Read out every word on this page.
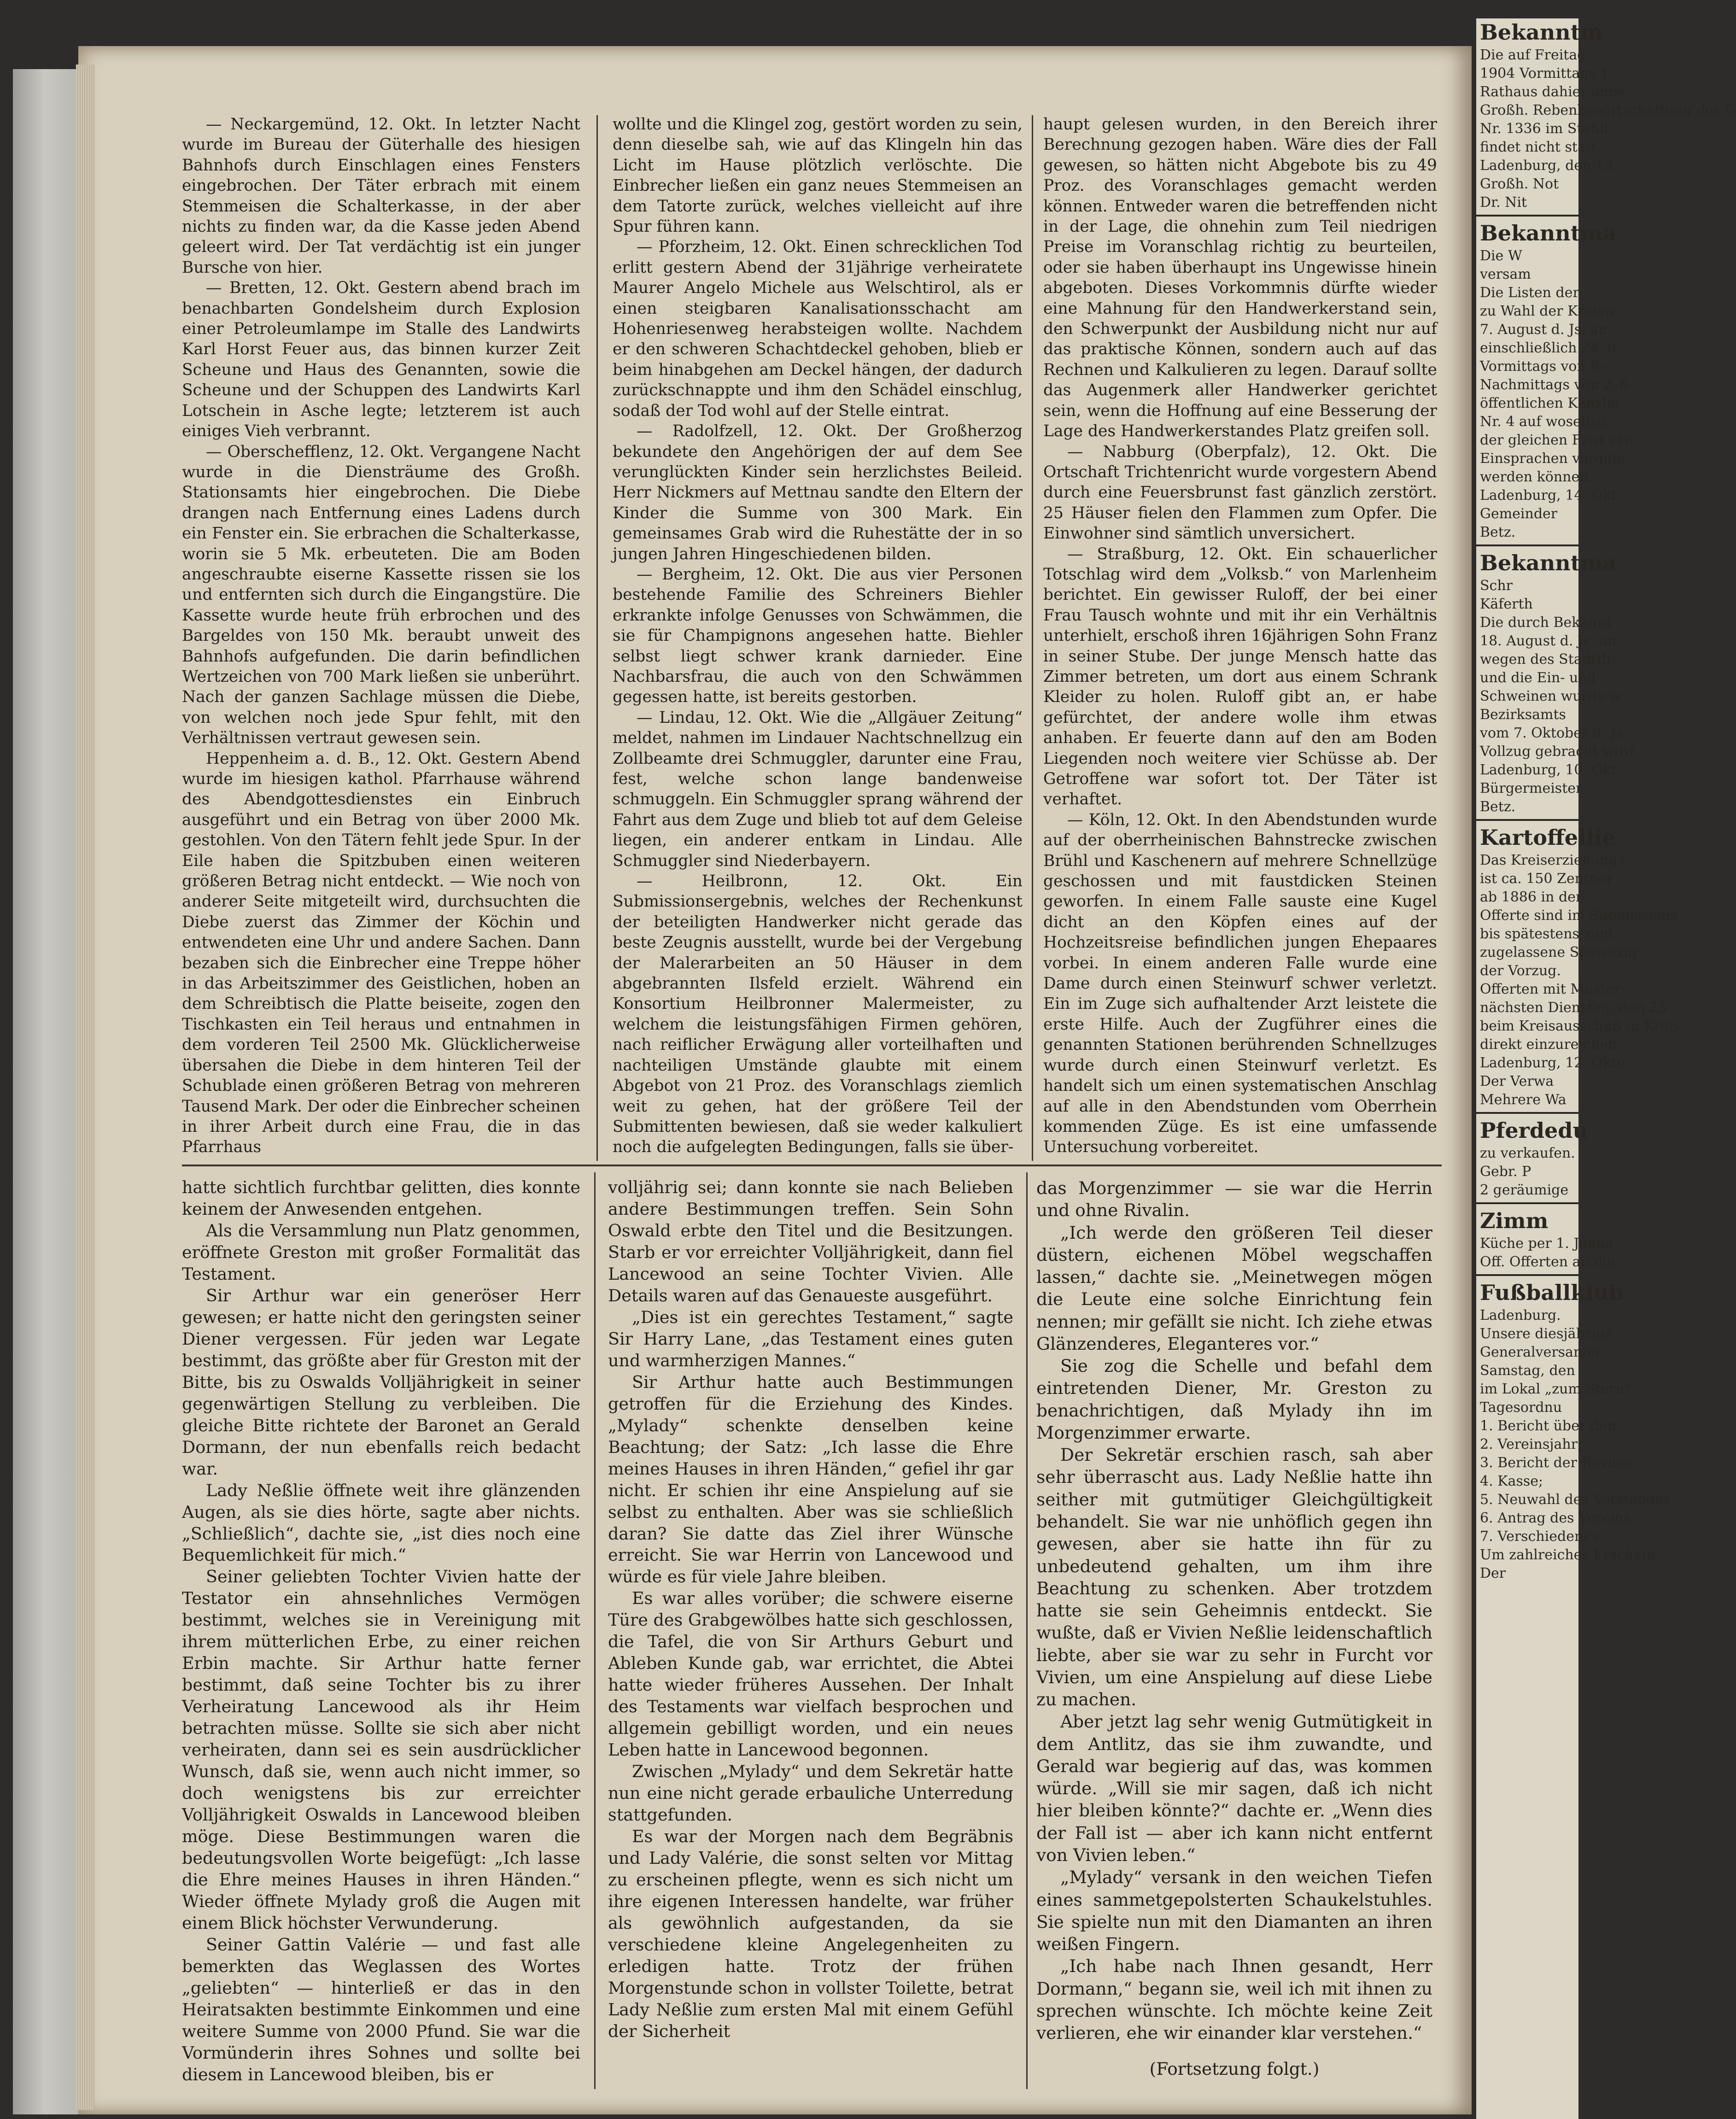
— Neckargemünd, 12. Okt. In letzter Nacht wurde im Bureau der Güterhalle des hiesigen Bahnhofs durch Einschlagen eines Fensters eingebrochen. Der Täter erbrach mit einem Stemmeisen die Schalterkasse, in der aber nichts zu finden war, da die Kasse jeden Abend geleert wird. Der Tat verdächtig ist ein junger Bursche von hier.

— Bretten, 12. Okt. Gestern abend brach im benachbarten Gondelsheim durch Explosion einer Petroleumlampe im Stalle des Landwirts Karl Horst Feuer aus, das binnen kurzer Zeit Scheune und Haus des Genannten, sowie die Scheune und der Schuppen des Landwirts Karl Lotschein in Asche legte; letzterem ist auch einiges Vieh verbrannt.

— Oberschefflenz, 12. Okt. Vergangene Nacht wurde in die Diensträume des Großh. Stationsamts hier eingebrochen. Die Diebe drangen nach Entfernung eines Ladens durch ein Fenster ein. Sie erbrachen die Schalterkasse, worin sie 5 Mk. erbeuteten. Die am Boden angeschraubte eiserne Kassette rissen sie los und entfernten sich durch die Eingangstüre. Die Kassette wurde heute früh erbrochen und des Bargeldes von 150 Mk. beraubt unweit des Bahnhofs aufgefunden. Die darin befindlichen Wertzeichen von 700 Mark ließen sie unberührt. Nach der ganzen Sachlage müssen die Diebe, von welchen noch jede Spur fehlt, mit den Verhältnissen vertraut gewesen sein.

Heppenheim a. d. B., 12. Okt. Gestern Abend wurde im hiesigen kathol. Pfarrhause während des Abendgottesdienstes ein Einbruch ausgeführt und ein Betrag von über 2000 Mk. gestohlen. Von den Tätern fehlt jede Spur. In der Eile haben die Spitzbuben einen weiteren größeren Betrag nicht entdeckt. — Wie noch von anderer Seite mitgeteilt wird, durchsuchten die Diebe zuerst das Zimmer der Köchin und entwendeten eine Uhr und andere Sachen. Dann bezaben sich die Einbrecher eine Treppe höher in das Arbeitszimmer des Geistlichen, hoben an dem Schreibtisch die Platte beiseite, zogen den Tischkasten ein Teil heraus und entnahmen in dem vorderen Teil 2500 Mk. Glücklicherweise übersahen die Diebe in dem hinteren Teil der Schublade einen größeren Betrag von mehreren Tausend Mark. Der oder die Einbrecher scheinen in ihrer Arbeit durch eine Frau, die in das Pfarrhaus

wollte und die Klingel zog, gestört worden zu sein, denn dieselbe sah, wie auf das Klingeln hin das Licht im Hause plötzlich verlöschte. Die Einbrecher ließen ein ganz neues Stemmeisen an dem Tatorte zurück, welches vielleicht auf ihre Spur führen kann.

— Pforzheim, 12. Okt. Einen schrecklichen Tod erlitt gestern Abend der 31jährige verheiratete Maurer Angelo Michele aus Welschtirol, als er einen steigbaren Kanalisationsschacht am Hohenriesenweg herabsteigen wollte. Nachdem er den schweren Schachtdeckel gehoben, blieb er beim hinabgehen am Deckel hängen, der dadurch zurückschnappte und ihm den Schädel einschlug, sodaß der Tod wohl auf der Stelle eintrat.

— Radolfzell, 12. Okt. Der Großherzog bekundete den Angehörigen der auf dem See verunglückten Kinder sein herzlichstes Beileid. Herr Nickmers auf Mettnau sandte den Eltern der Kinder die Summe von 300 Mark. Ein gemeinsames Grab wird die Ruhestätte der in so jungen Jahren Hingeschiedenen bilden.

— Bergheim, 12. Okt. Die aus vier Personen bestehende Familie des Schreiners Biehler erkrankte infolge Genusses von Schwämmen, die sie für Champignons angesehen hatte. Biehler selbst liegt schwer krank darnieder. Eine Nachbarsfrau, die auch von den Schwämmen gegessen hatte, ist bereits gestorben.

— Lindau, 12. Okt. Wie die „Allgäuer Zeitung“ meldet, nahmen im Lindauer Nachtschnellzug ein Zollbeamte drei Schmuggler, darunter eine Frau, fest, welche schon lange bandenweise schmuggeln. Ein Schmuggler sprang während der Fahrt aus dem Zuge und blieb tot auf dem Geleise liegen, ein anderer entkam in Lindau. Alle Schmuggler sind Niederbayern.

— Heilbronn, 12. Okt. Ein Submissionsergebnis, welches der Rechenkunst der beteiligten Handwerker nicht gerade das beste Zeugnis ausstellt, wurde bei der Vergebung der Malerarbeiten an 50 Häuser in dem abgebrannten Ilsfeld erzielt. Während ein Konsortium Heilbronner Malermeister, zu welchem die leistungsfähigen Firmen gehören, nach reiflicher Erwägung aller vorteilhaften und nachteiligen Umstände glaubte mit einem Abgebot von 21 Proz. des Voranschlags ziemlich weit zu gehen, hat der größere Teil der Submittenten bewiesen, daß sie weder kalkuliert noch die aufgelegten Bedingungen, falls sie über-

haupt gelesen wurden, in den Bereich ihrer Berechnung gezogen haben. Wäre dies der Fall gewesen, so hätten nicht Abgebote bis zu 49 Proz. des Voranschlages gemacht werden können. Entweder waren die betreffenden nicht in der Lage, die ohnehin zum Teil niedrigen Preise im Voranschlag richtig zu beurteilen, oder sie haben überhaupt ins Ungewisse hinein abgeboten. Dieses Vorkommnis dürfte wieder eine Mahnung für den Handwerkerstand sein, den Schwerpunkt der Ausbildung nicht nur auf das praktische Können, sondern auch auf das Rechnen und Kalkulieren zu legen. Darauf sollte das Augenmerk aller Handwerker gerichtet sein, wenn die Hoffnung auf eine Besserung der Lage des Handwerkerstandes Platz greifen soll.

— Nabburg (Oberpfalz), 12. Okt. Die Ortschaft Trichtenricht wurde vorgestern Abend durch eine Feuersbrunst fast gänzlich zerstört. 25 Häuser fielen den Flammen zum Opfer. Die Einwohner sind sämtlich unversichert.

— Straßburg, 12. Okt. Ein schauerlicher Totschlag wird dem „Volksb.“ von Marlenheim berichtet. Ein gewisser Ruloff, der bei einer Frau Tausch wohnte und mit ihr ein Verhältnis unterhielt, erschoß ihren 16jährigen Sohn Franz in seiner Stube. Der junge Mensch hatte das Zimmer betreten, um dort aus einem Schrank Kleider zu holen. Ruloff gibt an, er habe gefürchtet, der andere wolle ihm etwas anhaben. Er feuerte dann auf den am Boden Liegenden noch weitere vier Schüsse ab. Der Getroffene war sofort tot. Der Täter ist verhaftet.

— Köln, 12. Okt. In den Abendstunden wurde auf der oberrheinischen Bahnstrecke zwischen Brühl und Kaschenern auf mehrere Schnellzüge geschossen und mit faustdicken Steinen geworfen. In einem Falle sauste eine Kugel dicht an den Köpfen eines auf der Hochzeitsreise befindlichen jungen Ehepaares vorbei. In einem anderen Falle wurde eine Dame durch einen Steinwurf schwer verletzt. Ein im Zuge sich aufhaltender Arzt leistete die erste Hilfe. Auch der Zugführer eines die genannten Stationen berührenden Schnellzuges wurde durch einen Steinwurf verletzt. Es handelt sich um einen systematischen Anschlag auf alle in den Abendstunden vom Oberrhein kommenden Züge. Es ist eine umfassende Untersuchung vorbereitet.

hatte sichtlich furchtbar gelitten, dies konnte keinem der Anwesenden entgehen.

Als die Versammlung nun Platz genommen, eröffnete Greston mit großer Formalität das Testament.

Sir Arthur war ein generöser Herr gewesen; er hatte nicht den geringsten seiner Diener vergessen. Für jeden war Legate bestimmt, das größte aber für Greston mit der Bitte, bis zu Oswalds Volljährigkeit in seiner gegenwärtigen Stellung zu verbleiben. Die gleiche Bitte richtete der Baronet an Gerald Dormann, der nun ebenfalls reich bedacht war.

Lady Neßlie öffnete weit ihre glänzenden Augen, als sie dies hörte, sagte aber nichts. „Schließlich“, dachte sie, „ist dies noch eine Bequemlichkeit für mich.“

Seiner geliebten Tochter Vivien hatte der Testator ein ahnsehnliches Vermögen bestimmt, welches sie in Vereinigung mit ihrem mütterlichen Erbe, zu einer reichen Erbin machte. Sir Arthur hatte ferner bestimmt, daß seine Tochter bis zu ihrer Verheiratung Lancewood als ihr Heim betrachten müsse. Sollte sie sich aber nicht verheiraten, dann sei es sein ausdrücklicher Wunsch, daß sie, wenn auch nicht immer, so doch wenigstens bis zur erreichter Volljährigkeit Oswalds in Lancewood bleiben möge. Diese Bestimmungen waren die bedeutungsvollen Worte beigefügt: „Ich lasse die Ehre meines Hauses in ihren Händen.“ Wieder öffnete Mylady groß die Augen mit einem Blick höchster Verwunderung.

Seiner Gattin Valérie — und fast alle bemerkten das Weglassen des Wortes „geliebten“ — hinterließ er das in den Heiratsakten bestimmte Einkommen und eine weitere Summe von 2000 Pfund. Sie war die Vormünderin ihres Sohnes und sollte bei diesem in Lancewood bleiben, bis er

volljährig sei; dann konnte sie nach Belieben andere Bestimmungen treffen. Sein Sohn Oswald erbte den Titel und die Besitzungen. Starb er vor erreichter Volljährigkeit, dann fiel Lancewood an seine Tochter Vivien. Alle Details waren auf das Genaueste ausgeführt.

„Dies ist ein gerechtes Testament,“ sagte Sir Harry Lane, „das Testament eines guten und warmherzigen Mannes.“

Sir Arthur hatte auch Bestimmungen getroffen für die Erziehung des Kindes. „Mylady“ schenkte denselben keine Beachtung; der Satz: „Ich lasse die Ehre meines Hauses in ihren Händen,“ gefiel ihr gar nicht. Er schien ihr eine Anspielung auf sie selbst zu enthalten. Aber was sie schließlich daran? Sie datte das Ziel ihrer Wünsche erreicht. Sie war Herrin von Lancewood und würde es für viele Jahre bleiben.

Es war alles vorüber; die schwere eiserne Türe des Grabgewölbes hatte sich geschlossen, die Tafel, die von Sir Arthurs Geburt und Ableben Kunde gab, war errichtet, die Abtei hatte wieder früheres Aussehen. Der Inhalt des Testaments war vielfach besprochen und allgemein gebilligt worden, und ein neues Leben hatte in Lancewood begonnen.

Zwischen „Mylady“ und dem Sekretär hatte nun eine nicht gerade erbauliche Unterredung stattgefunden.

Es war der Morgen nach dem Begräbnis und Lady Valérie, die sonst selten vor Mittag zu erscheinen pflegte, wenn es sich nicht um ihre eigenen Interessen handelte, war früher als gewöhnlich aufgestanden, da sie verschiedene kleine Angelegenheiten zu erledigen hatte. Trotz der frühen Morgenstunde schon in vollster Toilette, betrat Lady Neßlie zum ersten Mal mit einem Gefühl der Sicherheit

das Morgenzimmer — sie war die Herrin und ohne Rivalin.

„Ich werde den größeren Teil dieser düstern, eichenen Möbel wegschaffen lassen,“ dachte sie. „Meinetwegen mögen die Leute eine solche Einrichtung fein nennen; mir gefällt sie nicht. Ich ziehe etwas Glänzenderes, Eleganteres vor.“

Sie zog die Schelle und befahl dem eintretenden Diener, Mr. Greston zu benachrichtigen, daß Mylady ihn im Morgenzimmer erwarte.

Der Sekretär erschien rasch, sah aber sehr überrascht aus. Lady Neßlie hatte ihn seither mit gutmütiger Gleichgültigkeit behandelt. Sie war nie unhöflich gegen ihn gewesen, aber sie hatte ihn für zu unbedeutend gehalten, um ihm ihre Beachtung zu schenken. Aber trotzdem hatte sie sein Geheimnis entdeckt. Sie wußte, daß er Vivien Neßlie leidenschaftlich liebte, aber sie war zu sehr in Furcht vor Vivien, um eine Anspielung auf diese Liebe zu machen.

Aber jetzt lag sehr wenig Gutmütigkeit in dem Antlitz, das sie ihm zuwandte, und Gerald war begierig auf das, was kommen würde. „Will sie mir sagen, daß ich nicht hier bleiben könnte?“ dachte er. „Wenn dies der Fall ist — aber ich kann nicht entfernt von Vivien leben.“

„Mylady“ versank in den weichen Tiefen eines sammetgepolsterten Schaukelstuhles. Sie spielte nun mit den Diamanten an ihren weißen Fingern.

„Ich habe nach Ihnen gesandt, Herr Dormann,“ begann sie, weil ich mit ihnen zu sprechen wünschte. Ich möchte keine Zeit verlieren, ehe wir einander klar verstehen.“

(Fortsetzung folgt.)

Bekanntm
Die auf Freitag
1904 Vormittags 1
Rathaus dahier anbe
Großh. Rebenbewirtschaftung des G
Nr. 1336 im Stahll
findet nicht statt.
Ladenburg, den 13
Großh. Not
Dr. Nit
Bekanntma
Die W
versam
Die Listen der
zu Wahl der Kreisw
7. August d. Js. an
einschließlich 24. d
Vormittags von 8–
Nachmittags von 2–6
öffentlichen Kanzlei
Nr. 4 auf woselbst
der gleichen Frist etw
Einsprachen vorgebr
werden können.
Ladenburg, 14. Okt
Gemeinder
Betz.
Bekanntma
Schr
Käferth
Die durch Bekannt
18. August d. Js. an
wegen des Stadtth
und die Ein- und
Schweinen wurde w
Bezirksamts
vom 7. Oktober d. Js
Vollzug gebracht wird
Ladenburg, 10. Okt
Bürgermeister
Betz.
Kartoffellie
Das Kreiserziehungs
ist ca. 150 Zentner
ab 1886 in den
Offerte sind im Submissions
bis spätestens zum
zugelassene Speisekar
der Vorzug.
Offerten mit Muster
nächsten Dienstag, den 25
beim Kreisausschuß in Kreis
direkt einzureichen.
Ladenburg, 12. Okto
Der Verwa
Mehrere Wa
Pferdedu
zu verkaufen.
Gebr. P
2 geräumige
Zimm
Küche per 1. Janua
Off. Offerten an die
Fußballklub
Ladenburg.
Unsere diesjährige
Generalversamm
Samstag, den
im Lokal „zum Stern“
Tagesordnu
1. Bericht über den
2. Vereinsjahr;
3. Bericht der Revisor
4. Kasse;
5. Neuwahl des Vorstandes
6. Antrag des Vereins
7. Verschiedenes.
Um zahlreiches Erschein
Der
